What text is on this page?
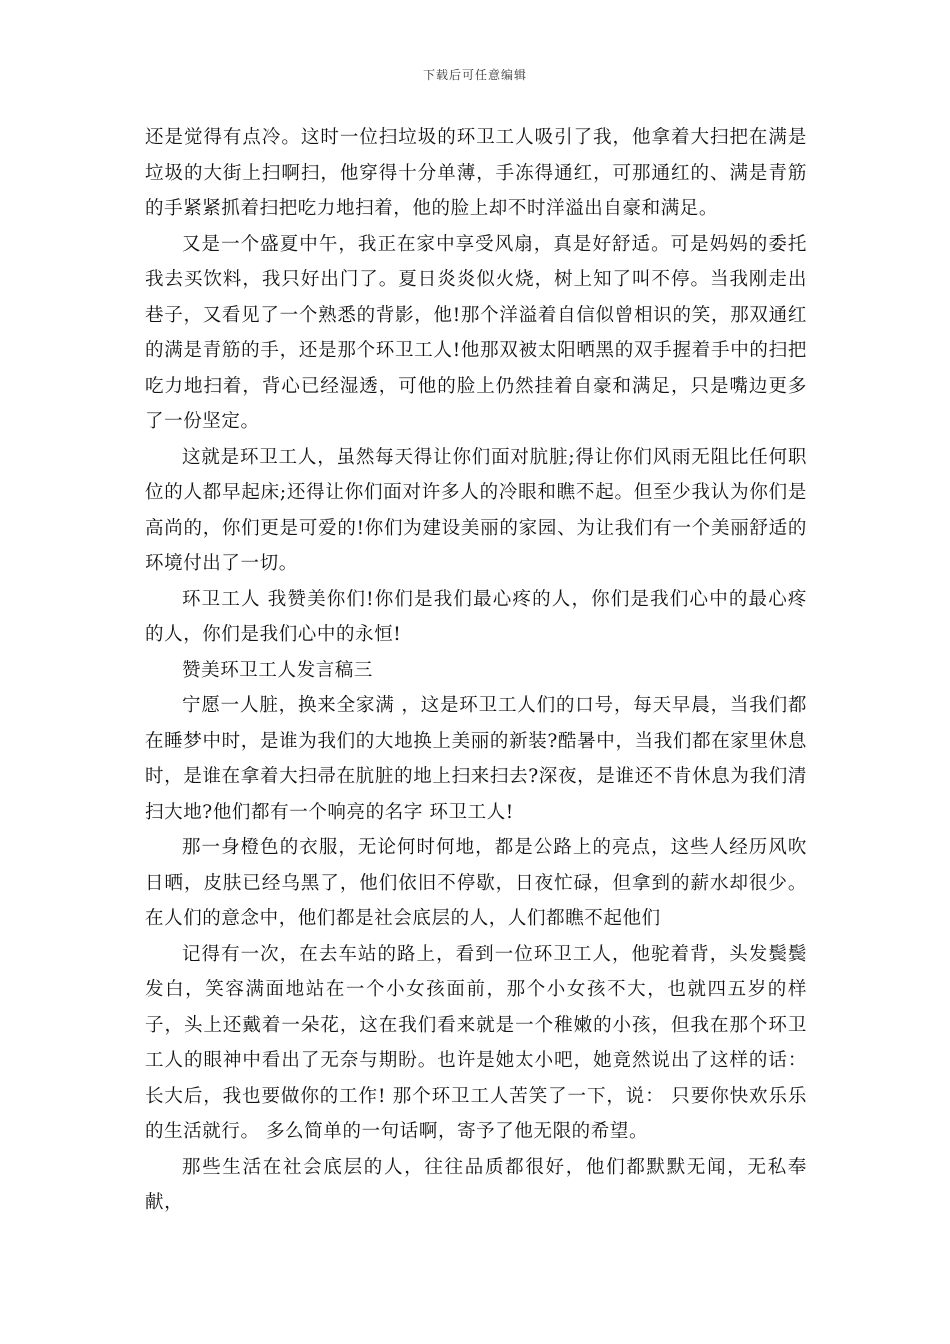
下载后可任意编辑

还是觉得有点冷。这时一位扫垃圾的环卫工人吸引了我，他拿着大扫把在满是垃圾的大街上扫啊扫，他穿得十分单薄，手冻得通红，可那通红的、满是青筋的手紧紧抓着扫把吃力地扫着，他的脸上却不时洋溢出自豪和满足。

又是一个盛夏中午，我正在家中享受风扇，真是好舒适。可是妈妈的委托我去买饮料，我只好出门了。夏日炎炎似火烧，树上知了叫不停。当我刚走出巷子，又看见了一个熟悉的背影，他!那个洋溢着自信似曾相识的笑，那双通红的满是青筋的手，还是那个环卫工人!他那双被太阳晒黑的双手握着手中的扫把吃力地扫着，背心已经湿透，可他的脸上仍然挂着自豪和满足，只是嘴边更多了一份坚定。

这就是环卫工人，虽然每天得让你们面对肮脏;得让你们风雨无阻比任何职位的人都早起床;还得让你们面对许多人的冷眼和瞧不起。但至少我认为你们是高尚的，你们更是可爱的!你们为建设美丽的家园、为让我们有一个美丽舒适的环境付出了一切。

环卫工人 我赞美你们!你们是我们最心疼的人，你们是我们心中的最心疼的人，你们是我们心中的永恒!

赞美环卫工人发言稿三

宁愿一人脏，换来全家满 ，这是环卫工人们的口号，每天早晨，当我们都在睡梦中时，是谁为我们的大地换上美丽的新装?酷暑中，当我们都在家里休息时，是谁在拿着大扫帚在肮脏的地上扫来扫去?深夜，是谁还不肯休息为我们清扫大地?他们都有一个响亮的名字 环卫工人!

那一身橙色的衣服，无论何时何地，都是公路上的亮点，这些人经历风吹日晒，皮肤已经乌黑了，他们依旧不停歇，日夜忙碌，但拿到的薪水却很少。在人们的意念中，他们都是社会底层的人，人们都瞧不起他们

记得有一次，在去车站的路上，看到一位环卫工人，他驼着背，头发鬓鬓发白，笑容满面地站在一个小女孩面前，那个小女孩不大，也就四五岁的样子，头上还戴着一朵花，这在我们看来就是一个稚嫩的小孩，但我在那个环卫工人的眼神中看出了无奈与期盼。也许是她太小吧，她竟然说出了这样的话： 长大后，我也要做你的工作! 那个环卫工人苦笑了一下，说： 只要你快欢乐乐的生活就行。 多么简单的一句话啊，寄予了他无限的希望。

那些生活在社会底层的人，往往品质都很好，他们都默默无闻，无私奉献，
